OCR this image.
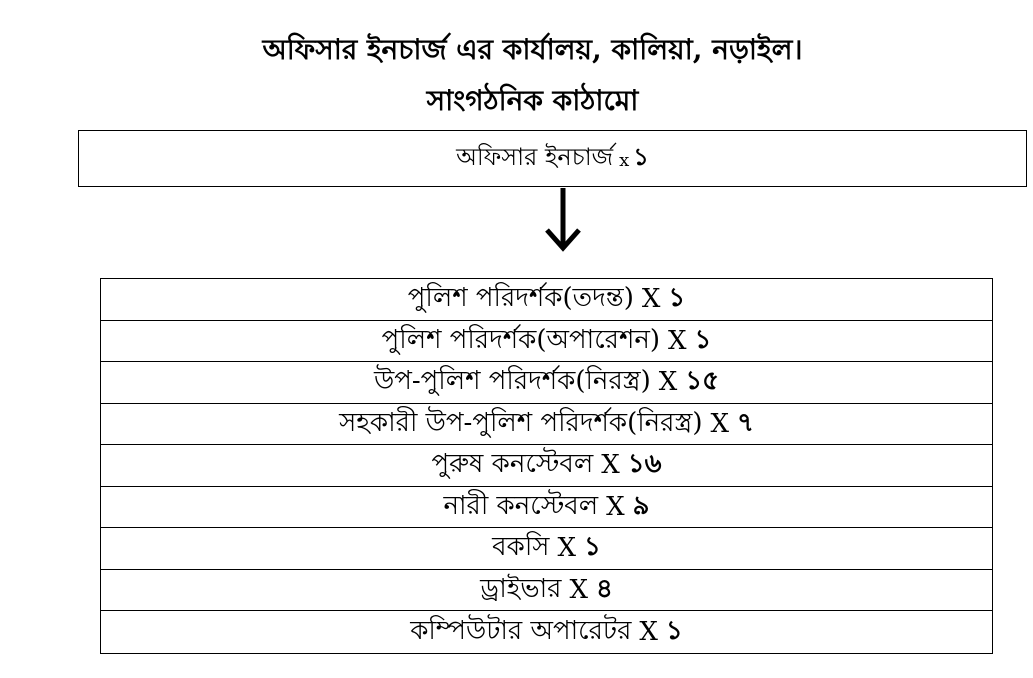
অফিসার ইনচার্জ এর কার্যালয়, কালিয়া, নড়াইল।
সাংগঠনিক কাঠামো
অফিসার ইনচার্জ x ১
পুলিশ পরিদর্শক(তদন্ত) X ১
পুলিশ পরিদর্শক(অপারেশন) X ১
উপ-পুলিশ পরিদর্শক(নিরস্ত্র) X ১৫
সহকারী উপ-পুলিশ পরিদর্শক(নিরস্ত্র) X ৭
পুরুষ কনস্টেবল X ১৬
নারী কনস্টেবল X ৯
বকসি X ১
ড্রাইভার X ৪
কম্পিউটার অপারেটর X ১
